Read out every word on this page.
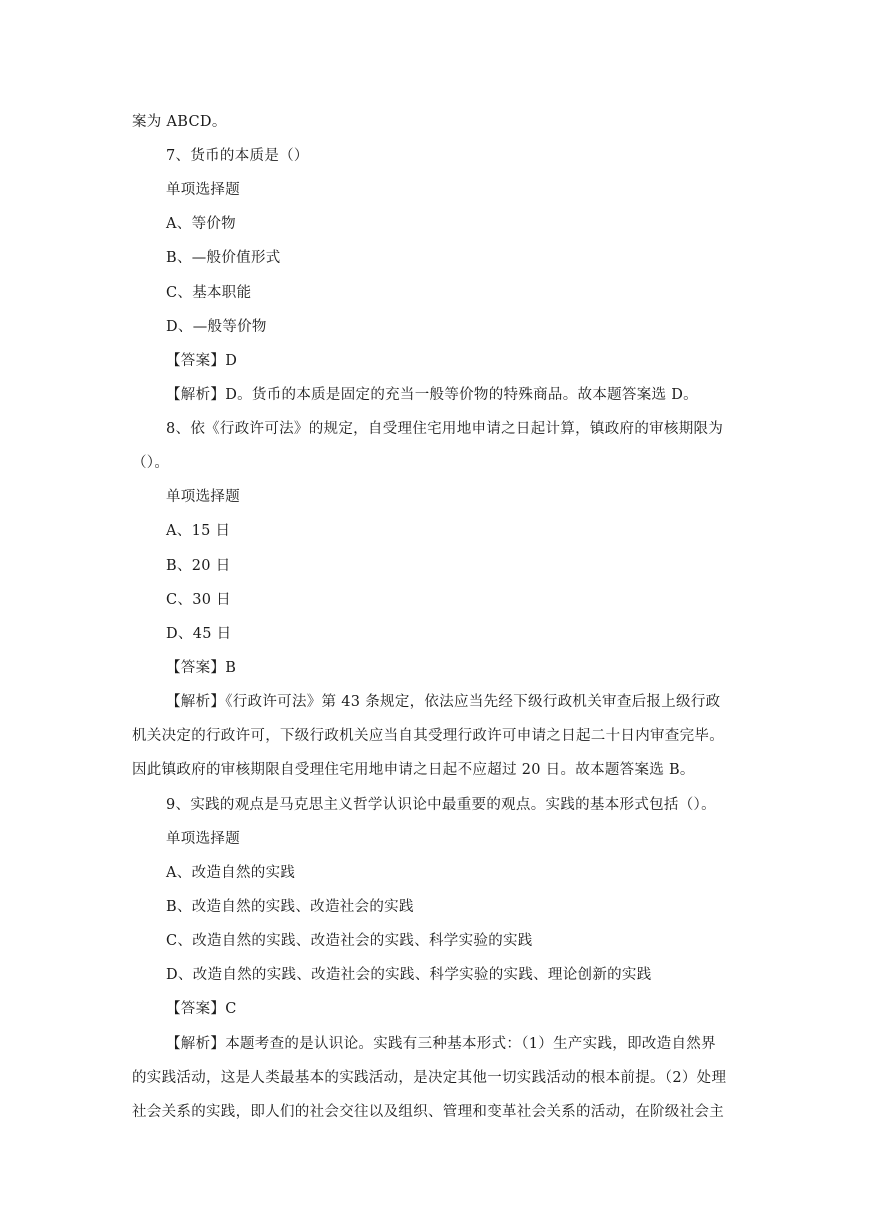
案为 ABCD。
7、货币的本质是（）
单项选择题
A、等价物
B、—般价值形式
C、基本职能
D、—般等价物
【答案】D
【解析】D。货币的本质是固定的充当一般等价物的特殊商品。故本题答案选 D。
8、依《行政许可法》的规定，自受理住宅用地申请之日起计算，镇政府的审核期限为
（）。
单项选择题
A、15 日
B、20 日
C、30 日
D、45 日
【答案】B
【解析】《行政许可法》第 43 条规定，依法应当先经下级行政机关审查后报上级行政
机关决定的行政许可，下级行政机关应当自其受理行政许可申请之日起二十日内审查完毕。
因此镇政府的审核期限自受理住宅用地申请之日起不应超过 20 日。故本题答案选 B。
9、实践的观点是马克思主义哲学认识论中最重要的观点。实践的基本形式包括（）。
单项选择题
A、改造自然的实践
B、改造自然的实践、改造社会的实践
C、改造自然的实践、改造社会的实践、科学实验的实践
D、改造自然的实践、改造社会的实践、科学实验的实践、理论创新的实践
【答案】C
【解析】本题考查的是认识论。实践有三种基本形式：（1）生产实践，即改造自然界
的实践活动，这是人类最基本的实践活动，是决定其他一切实践活动的根本前提。（2）处理
社会关系的实践，即人们的社会交往以及组织、管理和变革社会关系的活动，在阶级社会主
